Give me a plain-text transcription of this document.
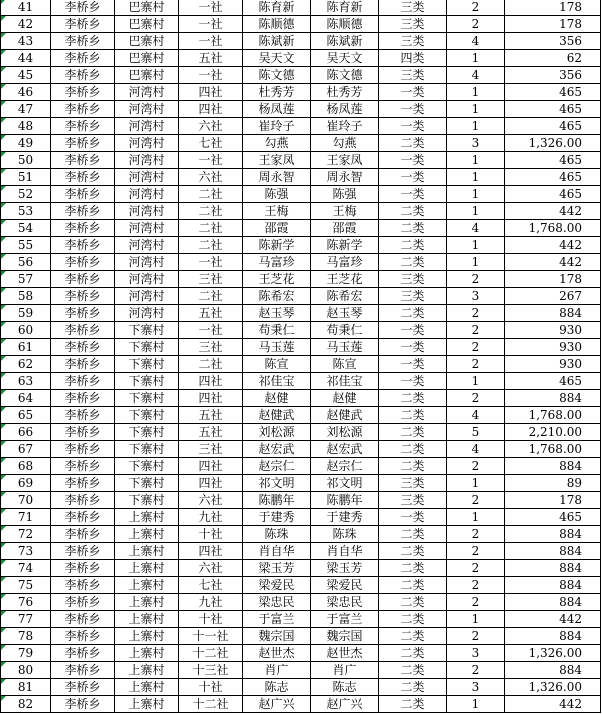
41	李桥乡	巴寨村	一社	陈育新	陈育新	三类	2	178
42	李桥乡	巴寨村	一社	陈顺德	陈顺德	三类	2	178
43	李桥乡	巴寨村	一社	陈斌新	陈斌新	三类	4	356
44	李桥乡	巴寨村	五社	吴天文	吴天文	四类	1	62
45	李桥乡	巴寨村	一社	陈文德	陈文德	三类	4	356
46	李桥乡	河湾村	四社	杜秀芳	杜秀芳	一类	1	465
47	李桥乡	河湾村	四社	杨凤莲	杨凤莲	一类	1	465
48	李桥乡	河湾村	六社	崔玲子	崔玲子	一类	1	465
49	李桥乡	河湾村	七社	勾燕	勾燕	二类	3	1,326.00
50	李桥乡	河湾村	一社	王家凤	王家凤	一类	1	465
51	李桥乡	河湾村	六社	周永智	周永智	一类	1	465
52	李桥乡	河湾村	二社	陈强	陈强	一类	1	465
53	李桥乡	河湾村	二社	王梅	王梅	二类	1	442
54	李桥乡	河湾村	二社	邵霞	邵霞	二类	4	1,768.00
55	李桥乡	河湾村	二社	陈新学	陈新学	二类	1	442
56	李桥乡	河湾村	一社	马富珍	马富珍	二类	1	442
57	李桥乡	河湾村	三社	王芝花	王芝花	三类	2	178
58	李桥乡	河湾村	二社	陈希宏	陈希宏	三类	3	267
59	李桥乡	河湾村	五社	赵玉琴	赵玉琴	二类	2	884
60	李桥乡	下寨村	一社	苟秉仁	苟秉仁	一类	2	930
61	李桥乡	下寨村	三社	马玉莲	马玉莲	一类	2	930
62	李桥乡	下寨村	二社	陈宣	陈宣	一类	2	930
63	李桥乡	下寨村	四社	祁佳宝	祁佳宝	一类	1	465
64	李桥乡	下寨村	四社	赵健	赵健	二类	2	884
65	李桥乡	下寨村	五社	赵健武	赵健武	二类	4	1,768.00
66	李桥乡	下寨村	五社	刘松源	刘松源	二类	5	2,210.00
67	李桥乡	下寨村	三社	赵宏武	赵宏武	二类	4	1,768.00
68	李桥乡	下寨村	四社	赵宗仁	赵宗仁	二类	2	884
69	李桥乡	下寨村	四社	祁文明	祁文明	三类	1	89
70	李桥乡	下寨村	六社	陈鹏年	陈鹏年	三类	2	178
71	李桥乡	上寨村	九社	于建秀	于建秀	一类	1	465
72	李桥乡	上寨村	十社	陈珠	陈珠	二类	2	884
73	李桥乡	上寨村	四社	肖自华	肖自华	二类	2	884
74	李桥乡	上寨村	六社	梁玉芳	梁玉芳	二类	2	884
75	李桥乡	上寨村	七社	梁爱民	梁爱民	二类	2	884
76	李桥乡	上寨村	九社	梁忠民	梁忠民	二类	2	884
77	李桥乡	上寨村	十社	于富兰	于富兰	二类	1	442
78	李桥乡	上寨村	十一社	魏宗国	魏宗国	二类	2	884
79	李桥乡	上寨村	十二社	赵世杰	赵世杰	二类	3	1,326.00
80	李桥乡	上寨村	十三社	肖广	肖广	二类	2	884
81	李桥乡	上寨村	十社	陈志	陈志	二类	3	1,326.00
82	李桥乡	上寨村	十二社	赵广兴	赵广兴	二类	1	442
